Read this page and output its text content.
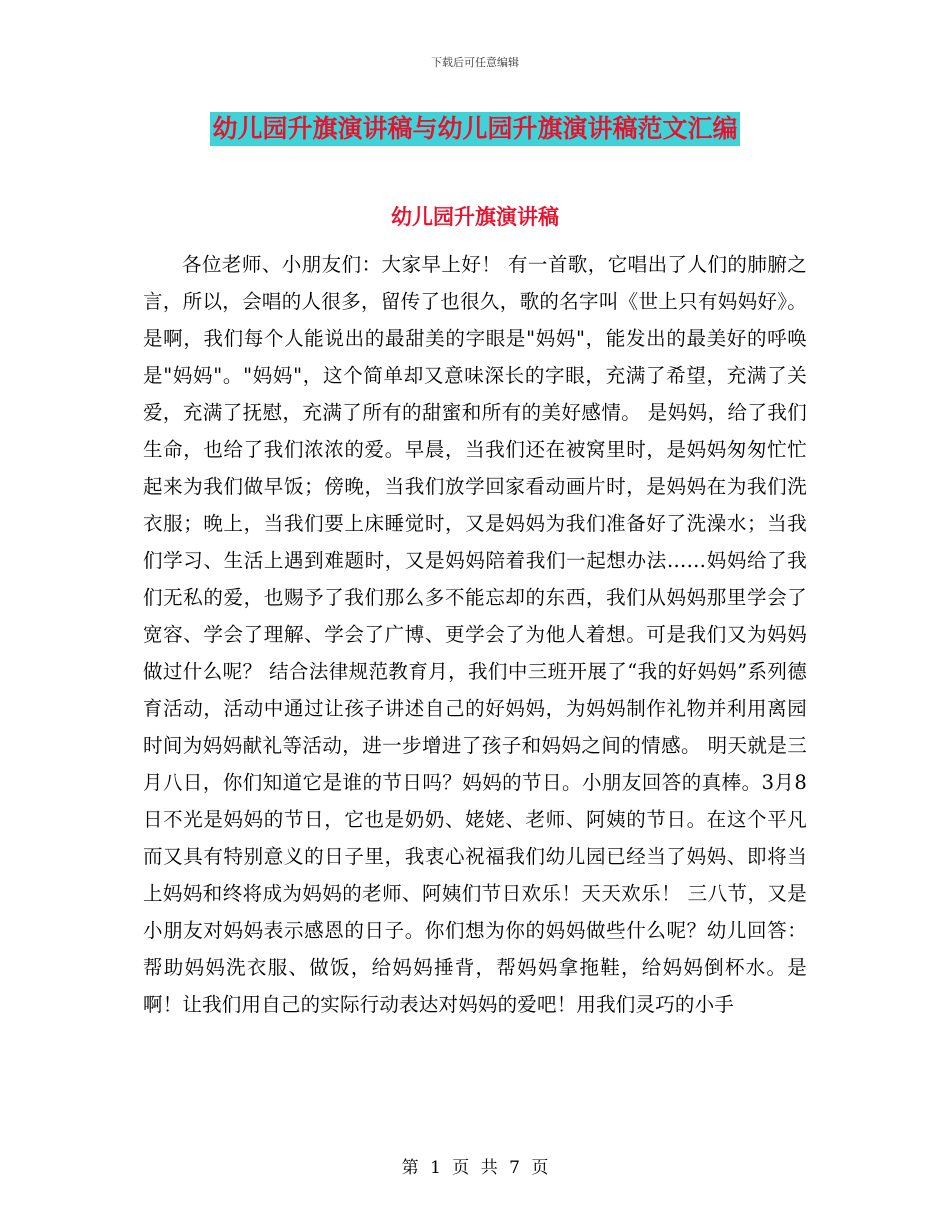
下载后可任意编辑
幼儿园升旗演讲稿与幼儿园升旗演讲稿范文汇编
幼儿园升旗演讲稿

各位老师、小朋友们：大家早上好！ 有一首歌，它唱出了人们的肺腑之言，所以，会唱的人很多，留传了也很久，歌的名字叫《世上只有妈妈好》。 是啊，我们每个人能说出的最甜美的字眼是"妈妈"，能发出的最美好的呼唤是"妈妈"。"妈妈"，这个简单却又意味深长的字眼，充满了希望，充满了关爱，充满了抚慰，充满了所有的甜蜜和所有的美好感情。 是妈妈，给了我们生命，也给了我们浓浓的爱。早晨，当我们还在被窝里时，是妈妈匆匆忙忙起来为我们做早饭；傍晚，当我们放学回家看动画片时，是妈妈在为我们洗衣服；晚上，当我们要上床睡觉时，又是妈妈为我们准备好了洗澡水；当我们学习、生活上遇到难题时，又是妈妈陪着我们一起想办法……妈妈给了我们无私的爱，也赐予了我们那么多不能忘却的东西，我们从妈妈那里学会了宽容、学会了理解、学会了广博、更学会了为他人着想。可是我们又为妈妈做过什么呢？ 结合法律规范教育月，我们中三班开展了“我的好妈妈”系列德育活动，活动中通过让孩子讲述自己的好妈妈，为妈妈制作礼物并利用离园时间为妈妈献礼等活动，进一步增进了孩子和妈妈之间的情感。 明天就是三月八日，你们知道它是谁的节日吗？妈妈的节日。小朋友回答的真棒。3月8日不光是妈妈的节日，它也是奶奶、姥姥、老师、阿姨的节日。在这个平凡而又具有特别意义的日子里，我衷心祝福我们幼儿园已经当了妈妈、即将当上妈妈和终将成为妈妈的老师、阿姨们节日欢乐！天天欢乐！ 三八节，又是小朋友对妈妈表示感恩的日子。你们想为你的妈妈做些什么呢？幼儿回答：帮助妈妈洗衣服、做饭，给妈妈捶背，帮妈妈拿拖鞋，给妈妈倒杯水。是啊！让我们用自己的实际行动表达对妈妈的爱吧！用我们灵巧的小手

第 1 页 共 7 页
